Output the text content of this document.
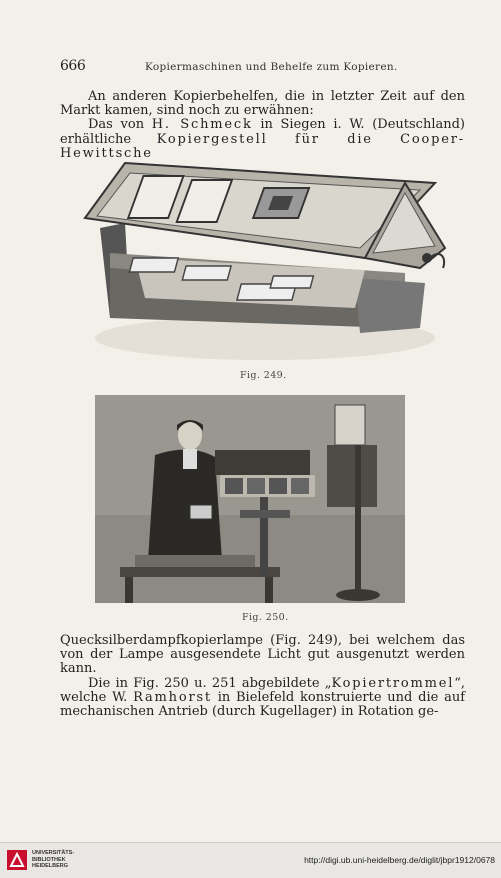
666	Kopiermaschinen und Behelfe zum Kopieren.

An anderen Kopierbehelfen, die in letzter Zeit auf den Markt kamen, sind noch zu erwähnen:

Das von H. Schmeck in Siegen i. W. (Deutschland) erhältliche Kopiergestell für die Cooper-Hewittsche

Fig. 249.
Fig. 250.

Quecksilberdampfkopierlampe (Fig. 249), bei welchem das von der Lampe ausgesendete Licht gut ausgenutzt werden kann.

Die in Fig. 250 u. 251 abgebildete „Kopiertrommel“, welche W. Ramhorst in Bielefeld konstruierte und die auf mechanischen Antrieb (durch Kugellager) in Rotation ge-

UNIVERSITÄTS-
BIBLIOTHEK
HEIDELBERG
http://digi.ub.uni-heidelberg.de/diglit/jbpr1912/0678
